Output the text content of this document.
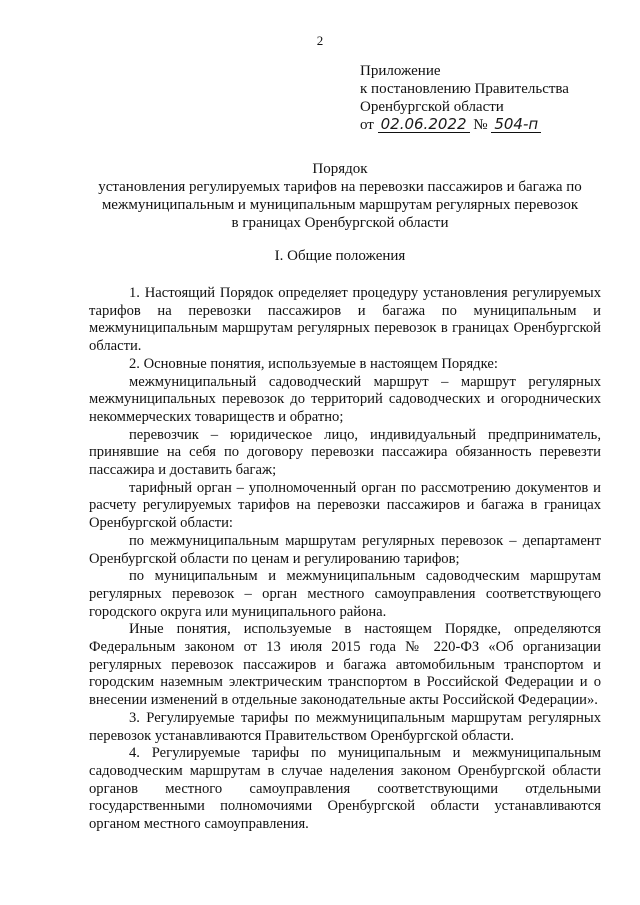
2
Приложение
к постановлению Правительства
Оренбургской области
от 02.06.2022 № 504-п
Порядок
установления регулируемых тарифов на перевозки пассажиров и багажа по
межмуниципальным и муниципальным маршрутам регулярных перевозок
в границах Оренбургской области
I. Общие положения

1. Настоящий Порядок определяет процедуру установления регулируемых тарифов на перевозки пассажиров и багажа по муниципальным и межмуниципальным маршрутам регулярных перевозок в границах Оренбургской области.

2. Основные понятия, используемые в настоящем Порядке:

межмуниципальный садоводческий маршрут – маршрут регулярных межмуниципальных перевозок до территорий садоводческих и огороднических некоммерческих товариществ и обратно;

перевозчик – юридическое лицо, индивидуальный предприниматель, принявшие на себя по договору перевозки пассажира обязанность перевезти пассажира и доставить багаж;

тарифный орган – уполномоченный орган по рассмотрению документов и расчету регулируемых тарифов на перевозки пассажиров и багажа в границах Оренбургской области:

по межмуниципальным маршрутам регулярных перевозок – департамент Оренбургской области по ценам и регулированию тарифов;

по муниципальным и межмуниципальным садоводческим маршрутам регулярных перевозок – орган местного самоуправления соответствующего городского округа или муниципального района.

Иные понятия, используемые в настоящем Порядке, определяются Федеральным законом от 13 июля 2015 года № 220-ФЗ «Об организации регулярных перевозок пассажиров и багажа автомобильным транспортом и городским наземным электрическим транспортом в Российской Федерации и о внесении изменений в отдельные законодательные акты Российской Федерации».

3. Регулируемые тарифы по межмуниципальным маршрутам регулярных перевозок устанавливаются Правительством Оренбургской области.

4. Регулируемые тарифы по муниципальным и межмуниципальным садоводческим маршрутам в случае наделения законом Оренбургской области органов местного самоуправления соответствующими отдельными государственными полномочиями Оренбургской области устанавливаются органом местного самоуправления.
